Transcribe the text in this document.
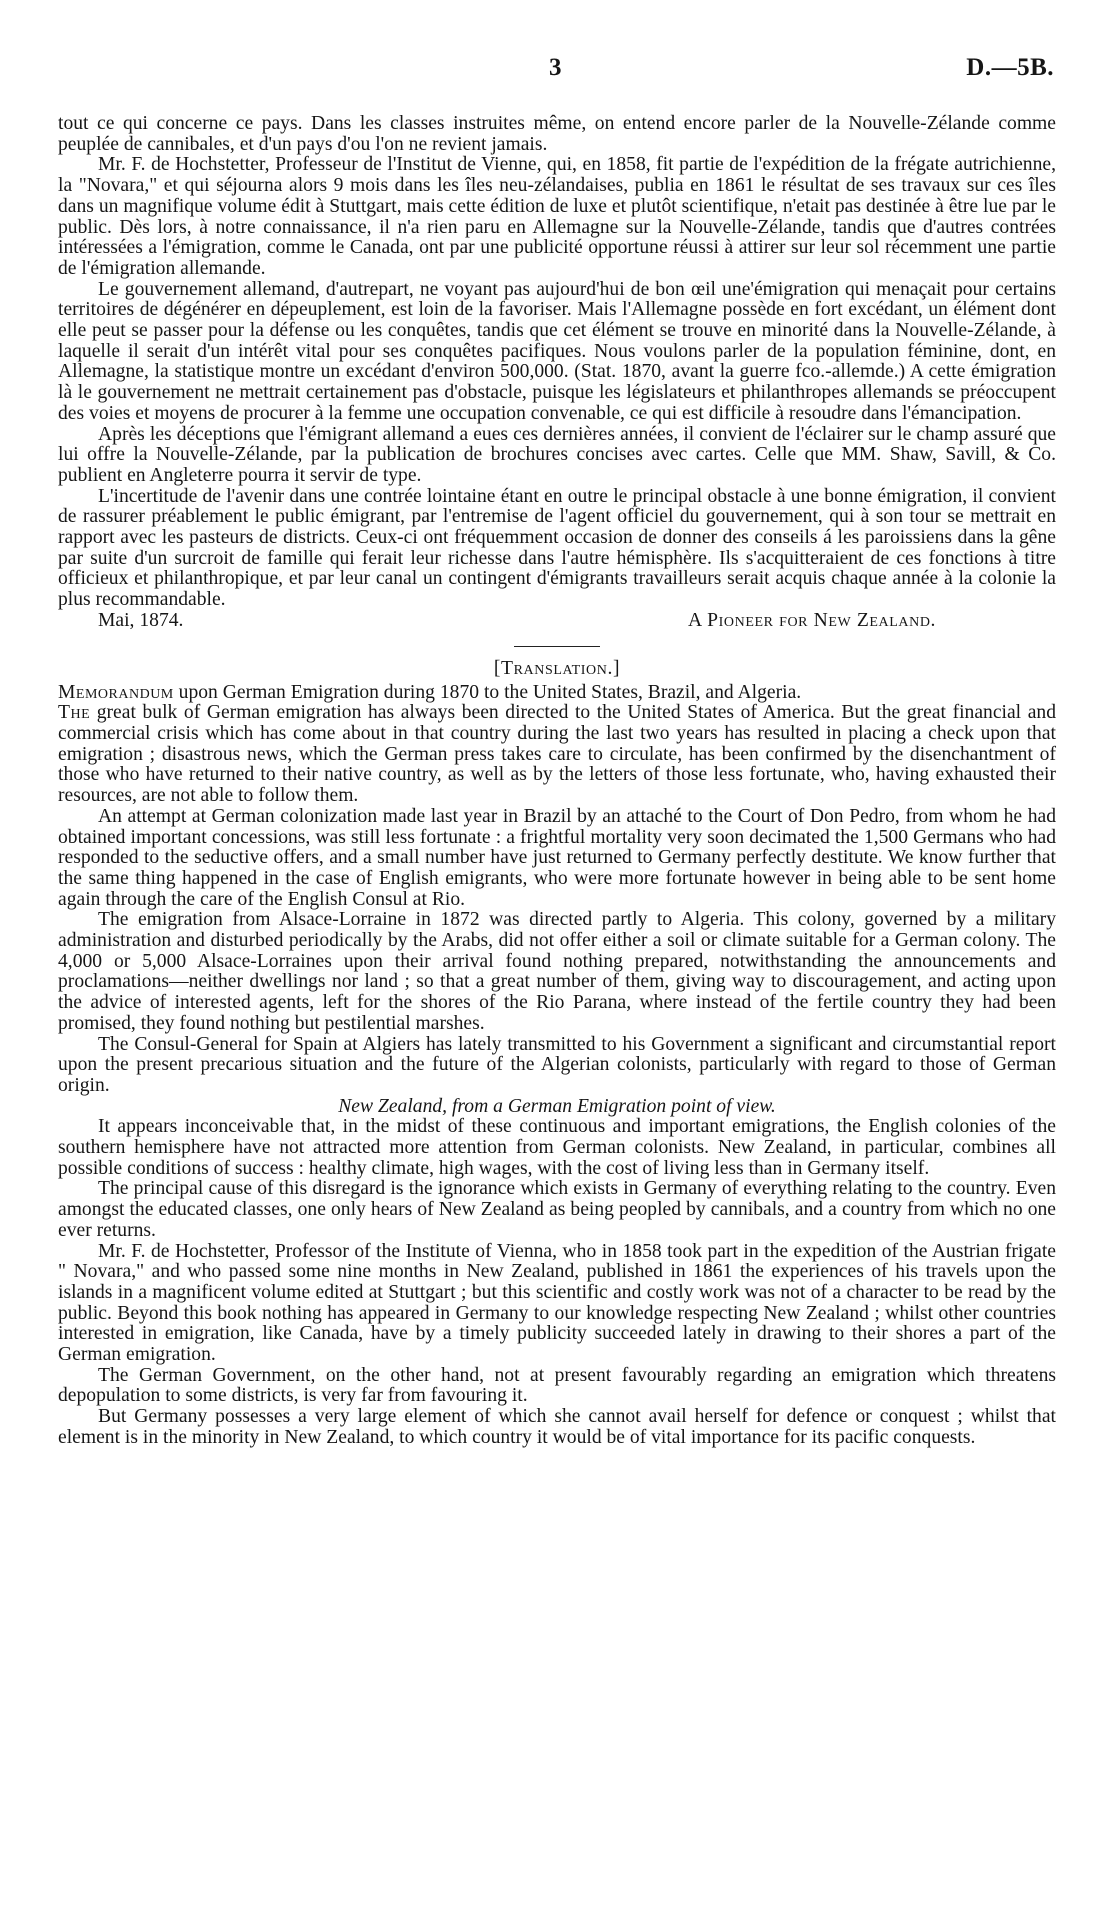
3	D.—5B.

tout ce qui concerne ce pays. Dans les classes instruites même, on entend encore parler de la Nouvelle-Zélande comme peuplée de cannibales, et d'un pays d'ou l'on ne revient jamais.

Mr. F. de Hochstetter, Professeur de l'Institut de Vienne, qui, en 1858, fit partie de l'expédition de la frégate autrichienne, la "Novara," et qui séjourna alors 9 mois dans les îles neu-zélandaises, publia en 1861 le résultat de ses travaux sur ces îles dans un magnifique volume édit à Stuttgart, mais cette édition de luxe et plutôt scientifique, n'etait pas destinée à être lue par le public. Dès lors, à notre connaissance, il n'a rien paru en Allemagne sur la Nouvelle-Zélande, tandis que d'autres contrées intéressées a l'émigration, comme le Canada, ont par une publicité opportune réussi à attirer sur leur sol récemment une partie de l'émigration allemande.

Le gouvernement allemand, d'autrepart, ne voyant pas aujourd'hui de bon œil une'émigration qui menaçait pour certains territoires de dégénérer en dépeuplement, est loin de la favoriser. Mais l'Allemagne possède en fort excédant, un élément dont elle peut se passer pour la défense ou les conquêtes, tandis que cet élément se trouve en minorité dans la Nouvelle-Zélande, à laquelle il serait d'un intérêt vital pour ses conquêtes pacifiques. Nous voulons parler de la population féminine, dont, en Allemagne, la statistique montre un excédant d'environ 500,000. (Stat. 1870, avant la guerre fco.-allemde.) A cette émigration là le gouvernement ne mettrait certainement pas d'obstacle, puisque les législateurs et philanthropes allemands se préoccupent des voies et moyens de procurer à la femme une occupation convenable, ce qui est difficile à resoudre dans l'émancipation.

Après les déceptions que l'émigrant allemand a eues ces dernières années, il convient de l'éclairer sur le champ assuré que lui offre la Nouvelle-Zélande, par la publication de brochures concises avec cartes. Celle que MM. Shaw, Savill, & Co. publient en Angleterre pourra it servir de type.

L'incertitude de l'avenir dans une contrée lointaine étant en outre le principal obstacle à une bonne émigration, il convient de rassurer préablement le public émigrant, par l'entremise de l'agent officiel du gouvernement, qui à son tour se mettrait en rapport avec les pasteurs de districts. Ceux-ci ont fréquemment occasion de donner des conseils á les paroissiens dans la gêne par suite d'un surcroit de famille qui ferait leur richesse dans l'autre hémisphère. Ils s'acquitteraient de ces fonctions à titre officieux et philanthropique, et par leur canal un contingent d'émigrants travailleurs serait acquis chaque année à la colonie la plus recommandable.

Mai, 1874.	A Pioneer for New Zealand.

[Translation.]

Memorandum upon German Emigration during 1870 to the United States, Brazil, and Algeria.

The great bulk of German emigration has always been directed to the United States of America. But the great financial and commercial crisis which has come about in that country during the last two years has resulted in placing a check upon that emigration ; disastrous news, which the German press takes care to circulate, has been confirmed by the disenchantment of those who have returned to their native country, as well as by the letters of those less fortunate, who, having exhausted their resources, are not able to follow them.

An attempt at German colonization made last year in Brazil by an attaché to the Court of Don Pedro, from whom he had obtained important concessions, was still less fortunate : a frightful mortality very soon decimated the 1,500 Germans who had responded to the seductive offers, and a small number have just returned to Germany perfectly destitute. We know further that the same thing happened in the case of English emigrants, who were more fortunate however in being able to be sent home again through the care of the English Consul at Rio.

The emigration from Alsace-Lorraine in 1872 was directed partly to Algeria. This colony, governed by a military administration and disturbed periodically by the Arabs, did not offer either a soil or climate suitable for a German colony. The 4,000 or 5,000 Alsace-Lorraines upon their arrival found nothing prepared, notwithstanding the announcements and proclamations—neither dwellings nor land ; so that a great number of them, giving way to discouragement, and acting upon the advice of interested agents, left for the shores of the Rio Parana, where instead of the fertile country they had been promised, they found nothing but pestilential marshes.

The Consul-General for Spain at Algiers has lately transmitted to his Government a significant and circumstantial report upon the present precarious situation and the future of the Algerian colonists, particularly with regard to those of German origin.

New Zealand, from a German Emigration point of view.

It appears inconceivable that, in the midst of these continuous and important emigrations, the English colonies of the southern hemisphere have not attracted more attention from German colonists. New Zealand, in particular, combines all possible conditions of success : healthy climate, high wages, with the cost of living less than in Germany itself.

The principal cause of this disregard is the ignorance which exists in Germany of everything relating to the country. Even amongst the educated classes, one only hears of New Zealand as being peopled by cannibals, and a country from which no one ever returns.

Mr. F. de Hochstetter, Professor of the Institute of Vienna, who in 1858 took part in the expedition of the Austrian frigate " Novara," and who passed some nine months in New Zealand, published in 1861 the experiences of his travels upon the islands in a magnificent volume edited at Stuttgart ; but this scientific and costly work was not of a character to be read by the public. Beyond this book nothing has appeared in Germany to our knowledge respecting New Zealand ; whilst other countries interested in emigration, like Canada, have by a timely publicity succeeded lately in drawing to their shores a part of the German emigration.

The German Government, on the other hand, not at present favourably regarding an emigration which threatens depopulation to some districts, is very far from favouring it.

But Germany possesses a very large element of which she cannot avail herself for defence or conquest ; whilst that element is in the minority in New Zealand, to which country it would be of vital importance for its pacific conquests.
